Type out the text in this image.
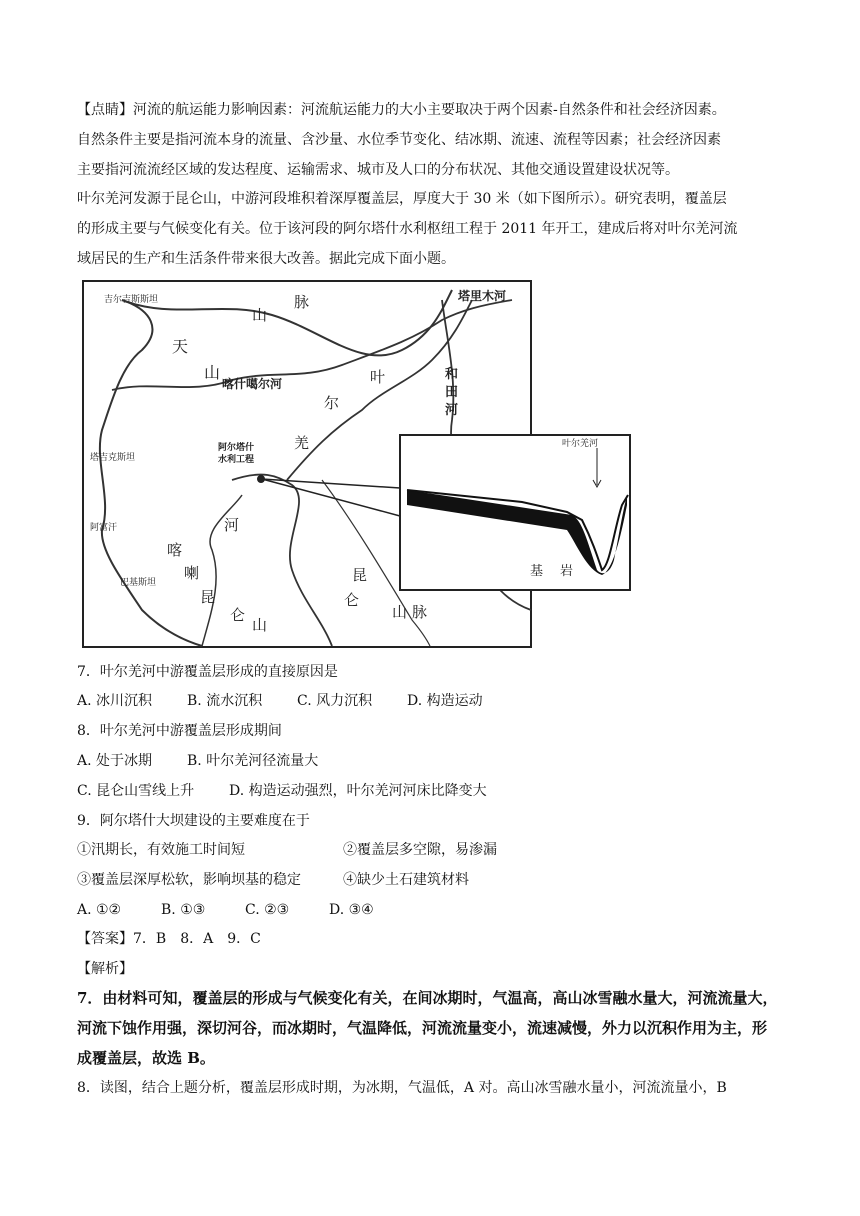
【点睛】河流的航运能力影响因素：河流航运能力的大小主要取决于两个因素-自然条件和社会经济因素。
自然条件主要是指河流本身的流量、含沙量、水位季节变化、结冰期、流速、流程等因素；社会经济因素
主要指河流流经区域的发达程度、运输需求、城市及人口的分布状况、其他交通设置建设状况等。
叶尔羌河发源于昆仑山，中游河段堆积着深厚覆盖层，厚度大于 30 米（如下图所示）。研究表明，覆盖层
的形成主要与气候变化有关。位于该河段的阿尔塔什水利枢纽工程于 2011 年开工，建成后将对叶尔羌河流
域居民的生产和生活条件带来很大改善。据此完成下面小题。
天
山
山
脉
喀什噶尔河	叶
尔
羌
河
和
田
河
塔里木河
阿尔塔什
水利工程
昆
仑
山 脉
喀
喇
昆
仑
山
吉尔吉斯斯坦
塔吉克斯坦
阿富汗
巴基斯坦
叶尔羌河
基 岩
7．叶尔羌河中游覆盖层形成的直接原因是
A. 冰川沉积 B. 流水沉积 C. 风力沉积 D. 构造运动
8．叶尔羌河中游覆盖层形成期间
A. 处于冰期 B. 叶尔羌河径流量大
C. 昆仑山雪线上升 D. 构造运动强烈，叶尔羌河河床比降变大
9．阿尔塔什大坝建设的主要难度在于
①汛期长，有效施工时间短	②覆盖层多空隙，易渗漏
③覆盖层深厚松软，影响坝基的稳定	④缺少土石建筑材料
A. ①②	B. ①③	C. ②③	D. ③④
【答案】7．B　8．A　9．C
【解析】
7．由材料可知，覆盖层的形成与气候变化有关，在间冰期时，气温高，高山冰雪融水量大，河流流量大，
河流下蚀作用强，深切河谷，而冰期时，气温降低，河流流量变小，流速减慢，外力以沉积作用为主，形
成覆盖层，故选 B。
8．读图，结合上题分析，覆盖层形成时期，为冰期，气温低，A 对。高山冰雪融水量小，河流流量小，B
